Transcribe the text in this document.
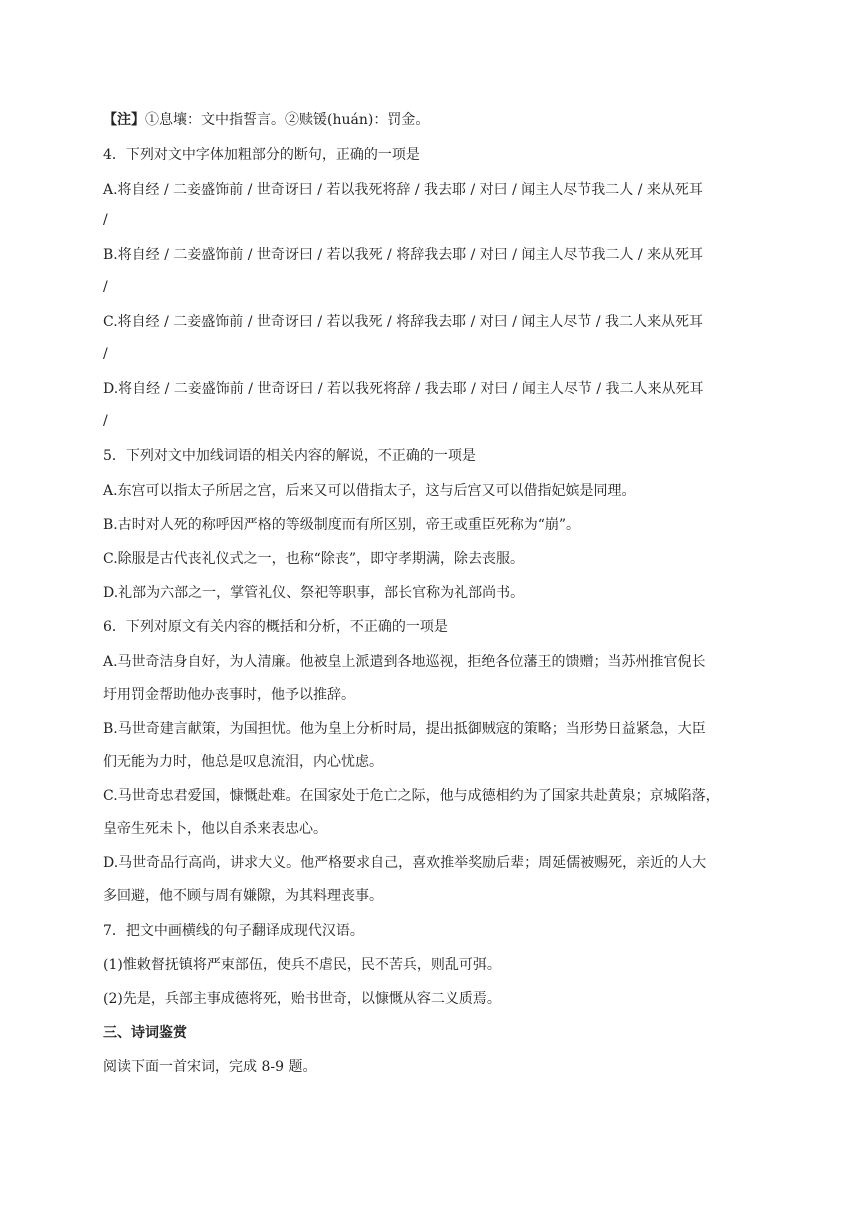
【注】①息壤：文中指誓言。②赎锾(huán)：罚金。
4．下列对文中字体加粗部分的断句，正确的一项是
A.将自经 / 二妾盛饰前 / 世奇讶曰 / 若以我死将辞 / 我去耶 / 对曰 / 闻主人尽节我二人 / 来从死耳
/
B.将自经 / 二妾盛饰前 / 世奇讶曰 / 若以我死 / 将辞我去耶 / 对曰 / 闻主人尽节我二人 / 来从死耳
/
C.将自经 / 二妾盛饰前 / 世奇讶曰 / 若以我死 / 将辞我去耶 / 对曰 / 闻主人尽节 / 我二人来从死耳
/
D.将自经 / 二妾盛饰前 / 世奇讶曰 / 若以我死将辞 / 我去耶 / 对曰 / 闻主人尽节 / 我二人来从死耳
/
5．下列对文中加线词语的相关内容的解说，不正确的一项是
A.东宫可以指太子所居之宫，后来又可以借指太子，这与后宫又可以借指妃嫔是同理。
B.古时对人死的称呼因严格的等级制度而有所区别，帝王或重臣死称为“崩”。
C.除服是古代丧礼仪式之一，也称“除丧”，即守孝期满，除去丧服。
D.礼部为六部之一，掌管礼仪、祭祀等职事，部长官称为礼部尚书。
6．下列对原文有关内容的概括和分析，不正确的一项是
A.马世奇洁身自好，为人清廉。他被皇上派遣到各地巡视，拒绝各位藩王的馈赠；当苏州推官倪长
圩用罚金帮助他办丧事时，他予以推辞。
B.马世奇建言献策，为国担忧。他为皇上分析时局，提出抵御贼寇的策略；当形势日益紧急，大臣
们无能为力时，他总是叹息流泪，内心忧虑。
C.马世奇忠君爱国，慷慨赴难。在国家处于危亡之际，他与成德相约为了国家共赴黄泉；京城陷落，
皇帝生死未卜，他以自杀来表忠心。
D.马世奇品行高尚，讲求大义。他严格要求自己，喜欢推举奖励后辈；周延儒被赐死，亲近的人大
多回避，他不顾与周有嫌隙，为其料理丧事。
7．把文中画横线的句子翻译成现代汉语。
(1)惟敕督抚镇将严束部伍，使兵不虐民，民不苦兵，则乱可弭。
(2)先是，兵部主事成德将死，贻书世奇，以慷慨从容二义质焉。
三、诗词鉴赏
阅读下面一首宋词，完成 8-9 题。
